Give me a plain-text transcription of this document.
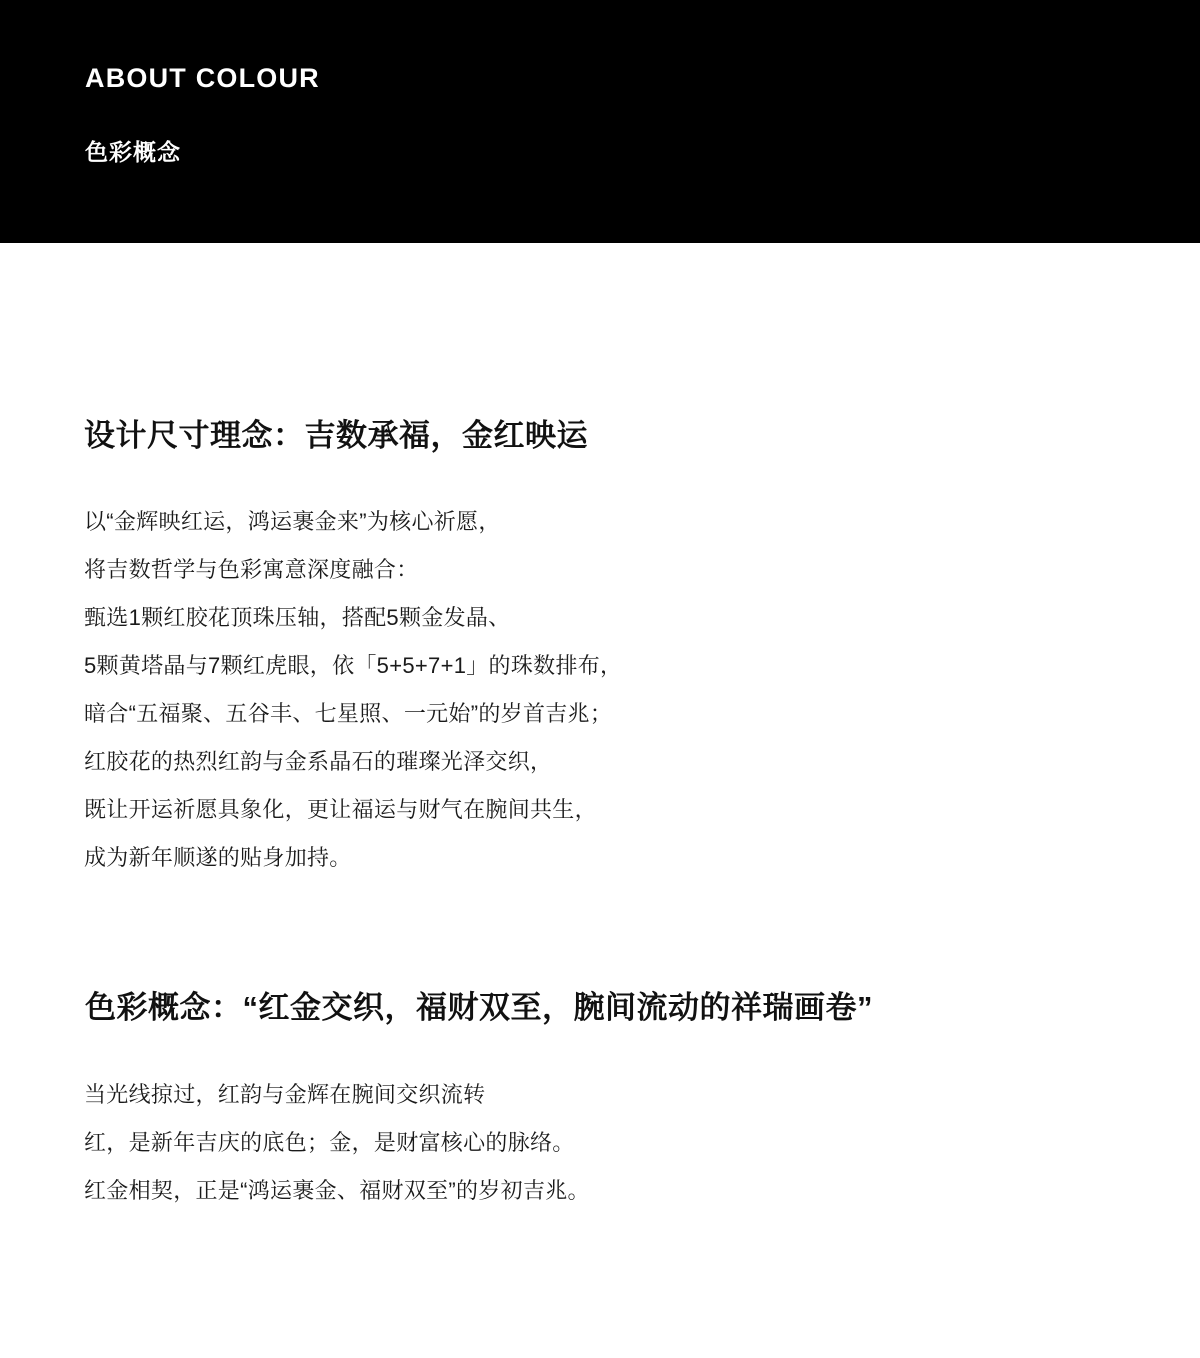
ABOUT COLOUR
色彩概念
设计尺寸理念：吉数承福，金红映运
以“金辉映红运，鸿运裹金来”为核心祈愿，
将吉数哲学与色彩寓意深度融合：
甄选1颗红胶花顶珠压轴，搭配5颗金发晶、
5颗黄塔晶与7颗红虎眼，依「5+5+7+1」的珠数排布，
暗合“五福聚、五谷丰、七星照、一元始”的岁首吉兆；
红胶花的热烈红韵与金系晶石的璀璨光泽交织，
既让开运祈愿具象化，更让福运与财气在腕间共生，
成为新年顺遂的贴身加持。
色彩概念：“红金交织，福财双至，腕间流动的祥瑞画卷”
当光线掠过，红韵与金辉在腕间交织流转
红，是新年吉庆的底色；金，是财富核心的脉络。
红金相契，正是“鸿运裹金、福财双至”的岁初吉兆。
